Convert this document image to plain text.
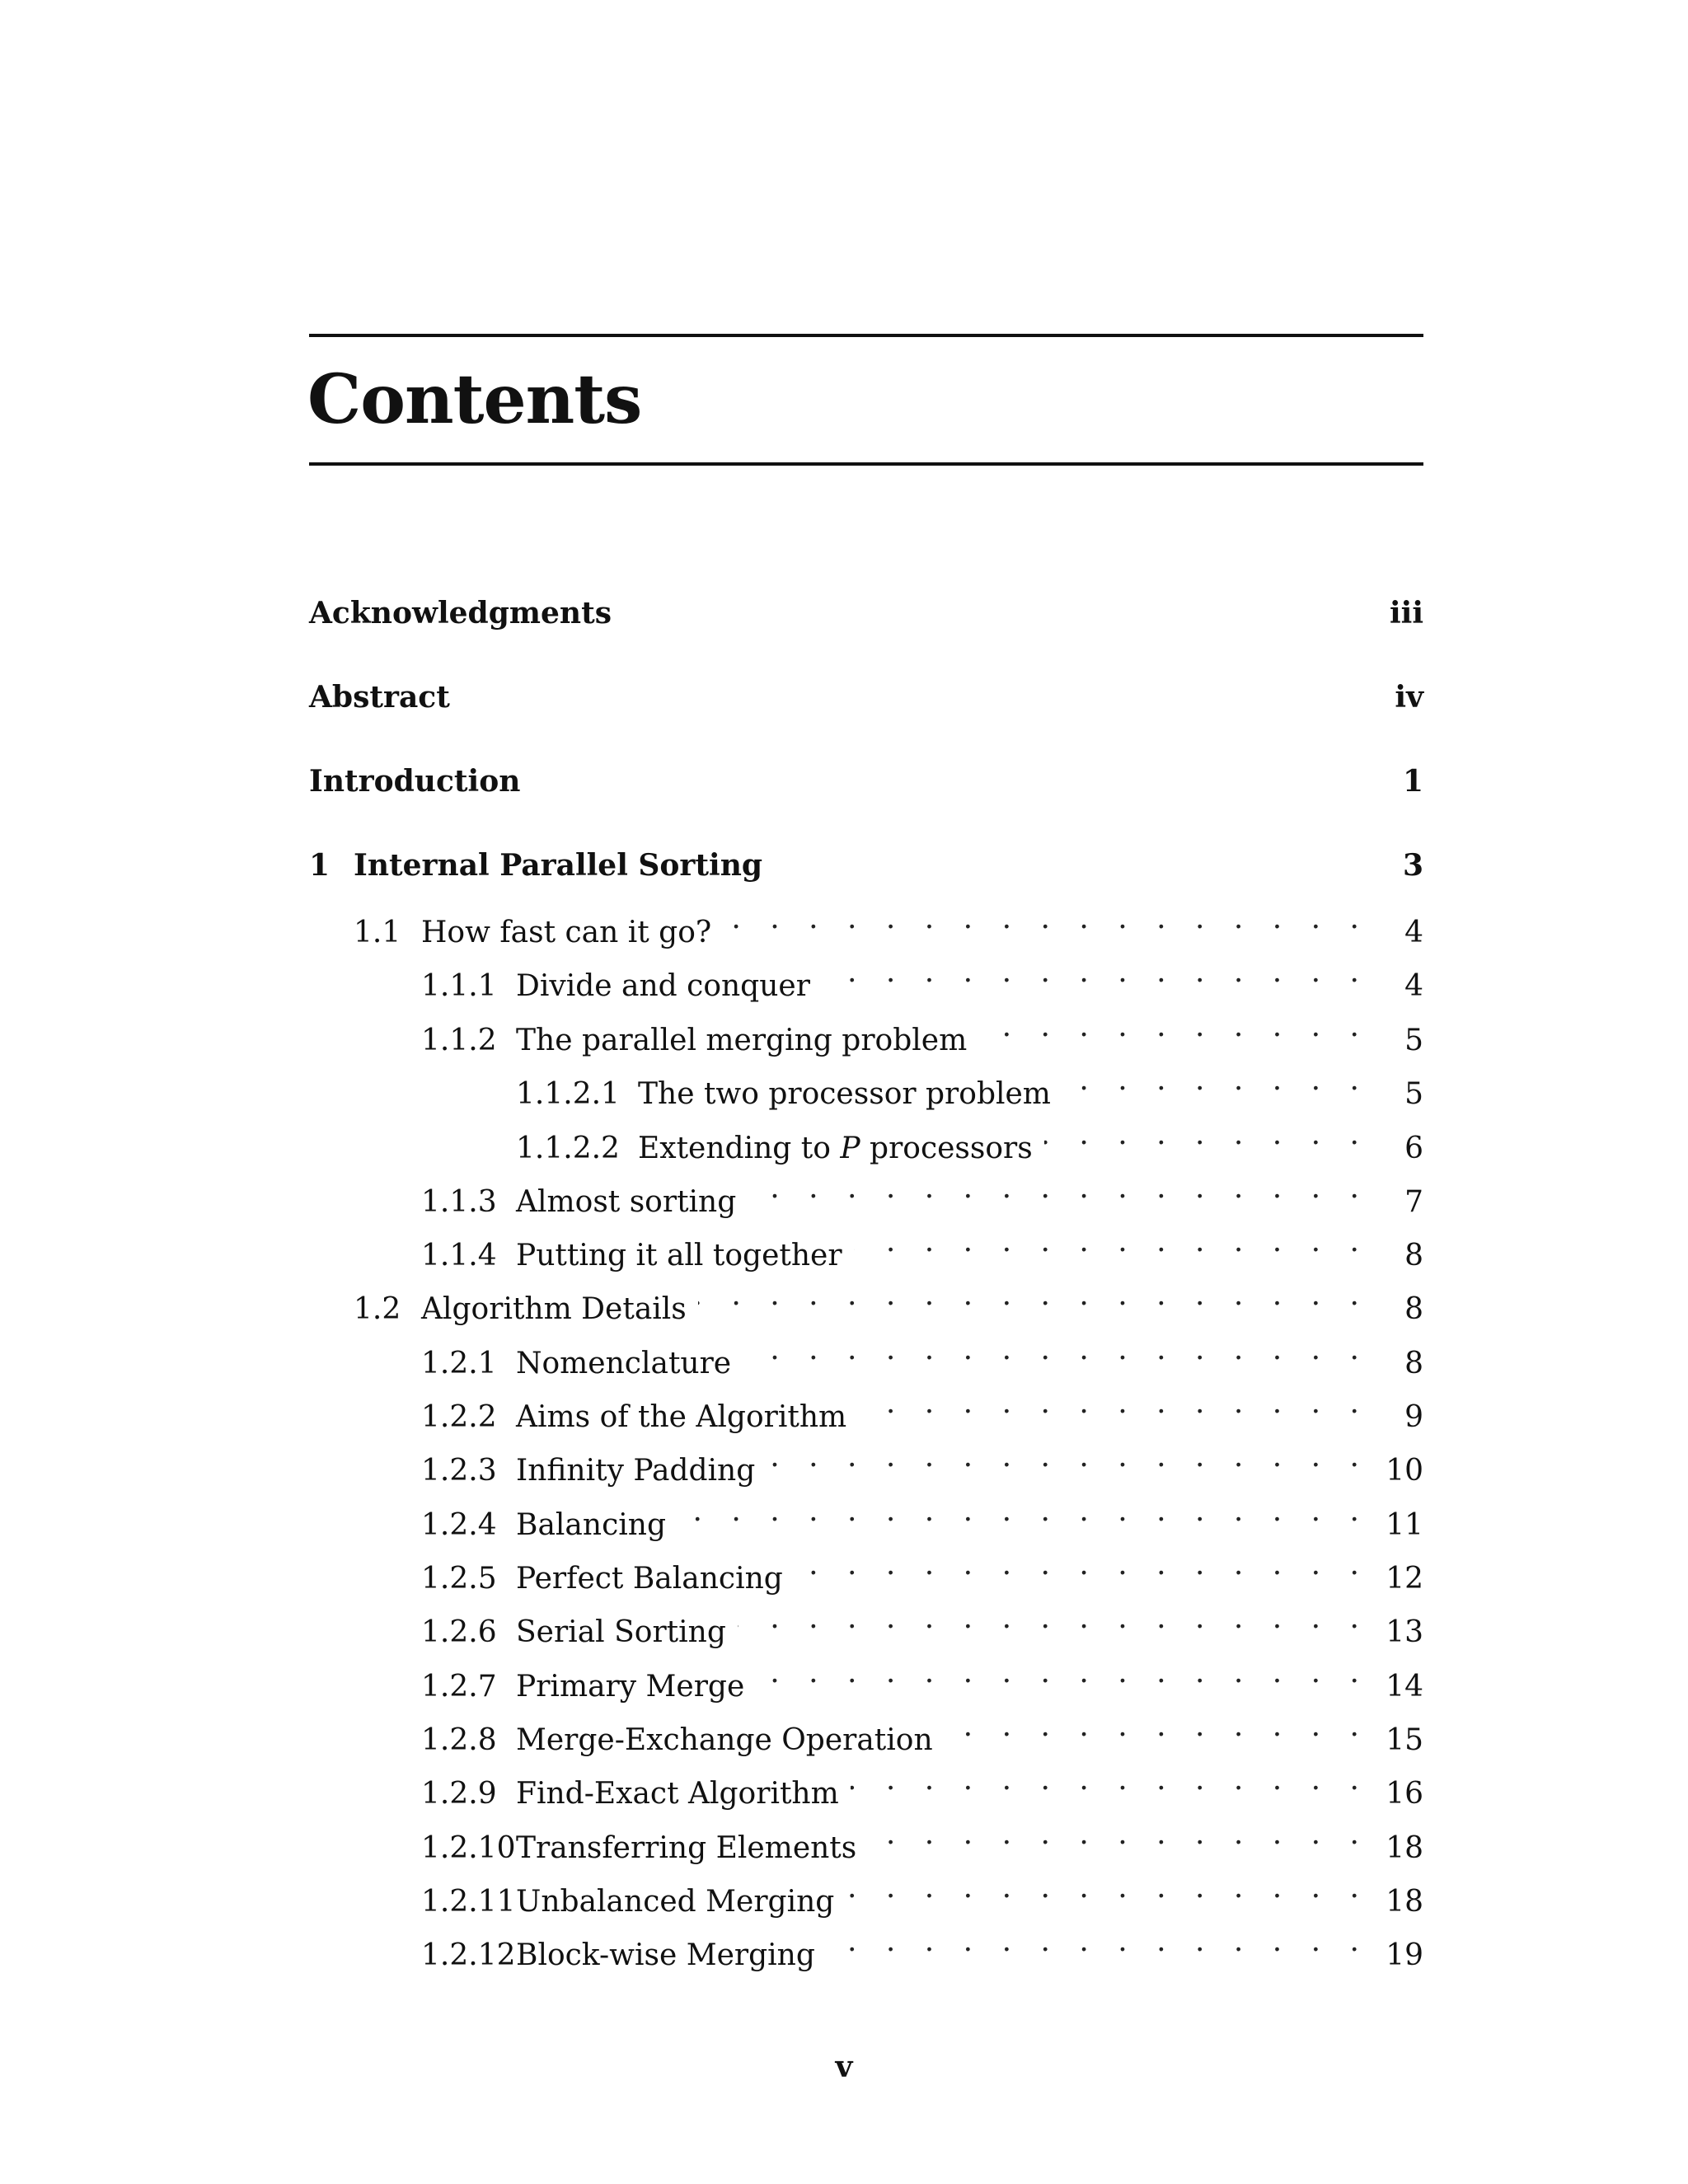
Contents
Acknowledgments	iii
Abstract	iv
Introduction	1
1 Internal Parallel Sorting	3
1.1 How fast can it go? . . .	4
1.1.1 Divide and conquer . . .	4
1.1.2 The parallel merging problem . . .	5
1.1.2.1 The two processor problem . . .	5
1.1.2.2 Extending to P processors . . .	6
1.1.3 Almost sorting . . .	7
1.1.4 Putting it all together . . .	8
1.2 Algorithm Details . . .	8
1.2.1 Nomenclature . . .	8
1.2.2 Aims of the Algorithm . . .	9
1.2.3 Infinity Padding . . .	10
1.2.4 Balancing . . .	11
1.2.5 Perfect Balancing . . .	12
1.2.6 Serial Sorting . . .	13
1.2.7 Primary Merge . . .	14
1.2.8 Merge-Exchange Operation . . .	15
1.2.9 Find-Exact Algorithm . . .	16
1.2.10 Transferring Elements . . .	18
1.2.11 Unbalanced Merging . . .	18
1.2.12 Block-wise Merging . . .	19
v
